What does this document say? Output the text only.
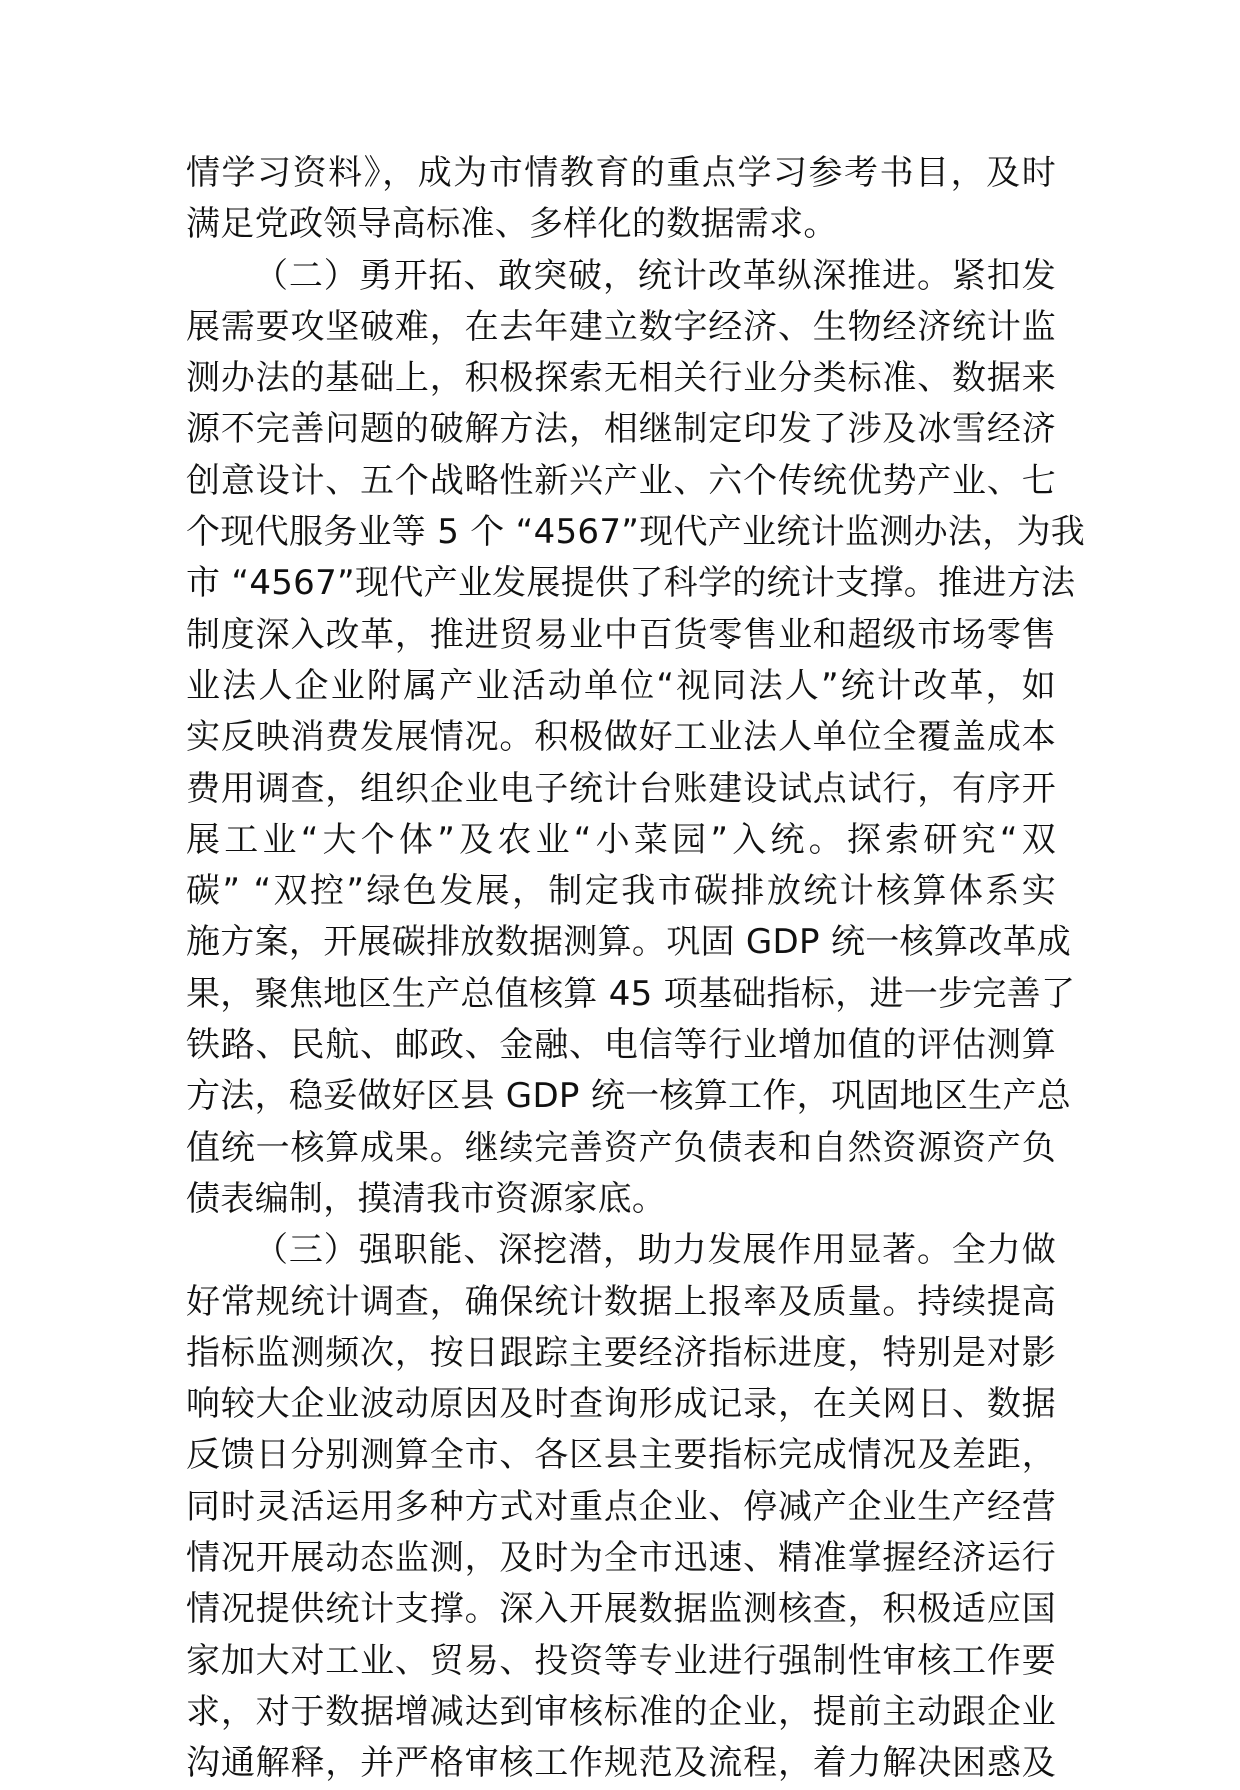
情学习资料》，成为市情教育的重点学习参考书目，及时
满足党政领导高标准、多样化的数据需求。
（二）勇开拓、敢突破，统计改革纵深推进。紧扣发
展需要攻坚破难，在去年建立数字经济、生物经济统计监
测办法的基础上，积极探索无相关行业分类标准、数据来
源不完善问题的破解方法，相继制定印发了涉及冰雪经济
创意设计、五个战略性新兴产业、六个传统优势产业、七
个现代服务业等 5 个 “4567”现代产业统计监测办法，为我
市 “4567”现代产业发展提供了科学的统计支撑。推进方法
制度深入改革，推进贸易业中百货零售业和超级市场零售
业法人企业附属产业活动单位“视同法人”统计改革，如
实反映消费发展情况。积极做好工业法人单位全覆盖成本
费用调查，组织企业电子统计台账建设试点试行，有序开
展工业“大个体”及农业“小菜园”入统。探索研究“双
碳” “双控”绿色发展，制定我市碳排放统计核算体系实
施方案，开展碳排放数据测算。巩固 GDP 统一核算改革成
果，聚焦地区生产总值核算 45 项基础指标，进一步完善了
铁路、民航、邮政、金融、电信等行业增加值的评估测算
方法，稳妥做好区县 GDP 统一核算工作，巩固地区生产总
值统一核算成果。继续完善资产负债表和自然资源资产负
债表编制，摸清我市资源家底。
（三）强职能、深挖潜，助力发展作用显著。全力做
好常规统计调查，确保统计数据上报率及质量。持续提高
指标监测频次，按日跟踪主要经济指标进度，特别是对影
响较大企业波动原因及时查询形成记录，在关网日、数据
反馈日分别测算全市、各区县主要指标完成情况及差距，
同时灵活运用多种方式对重点企业、停减产企业生产经营
情况开展动态监测，及时为全市迅速、精准掌握经济运行
情况提供统计支撑。深入开展数据监测核查，积极适应国
家加大对工业、贸易、投资等专业进行强制性审核工作要
求，对于数据增减达到审核标准的企业，提前主动跟企业
沟通解释，并严格审核工作规范及流程，着力解决困惑及
